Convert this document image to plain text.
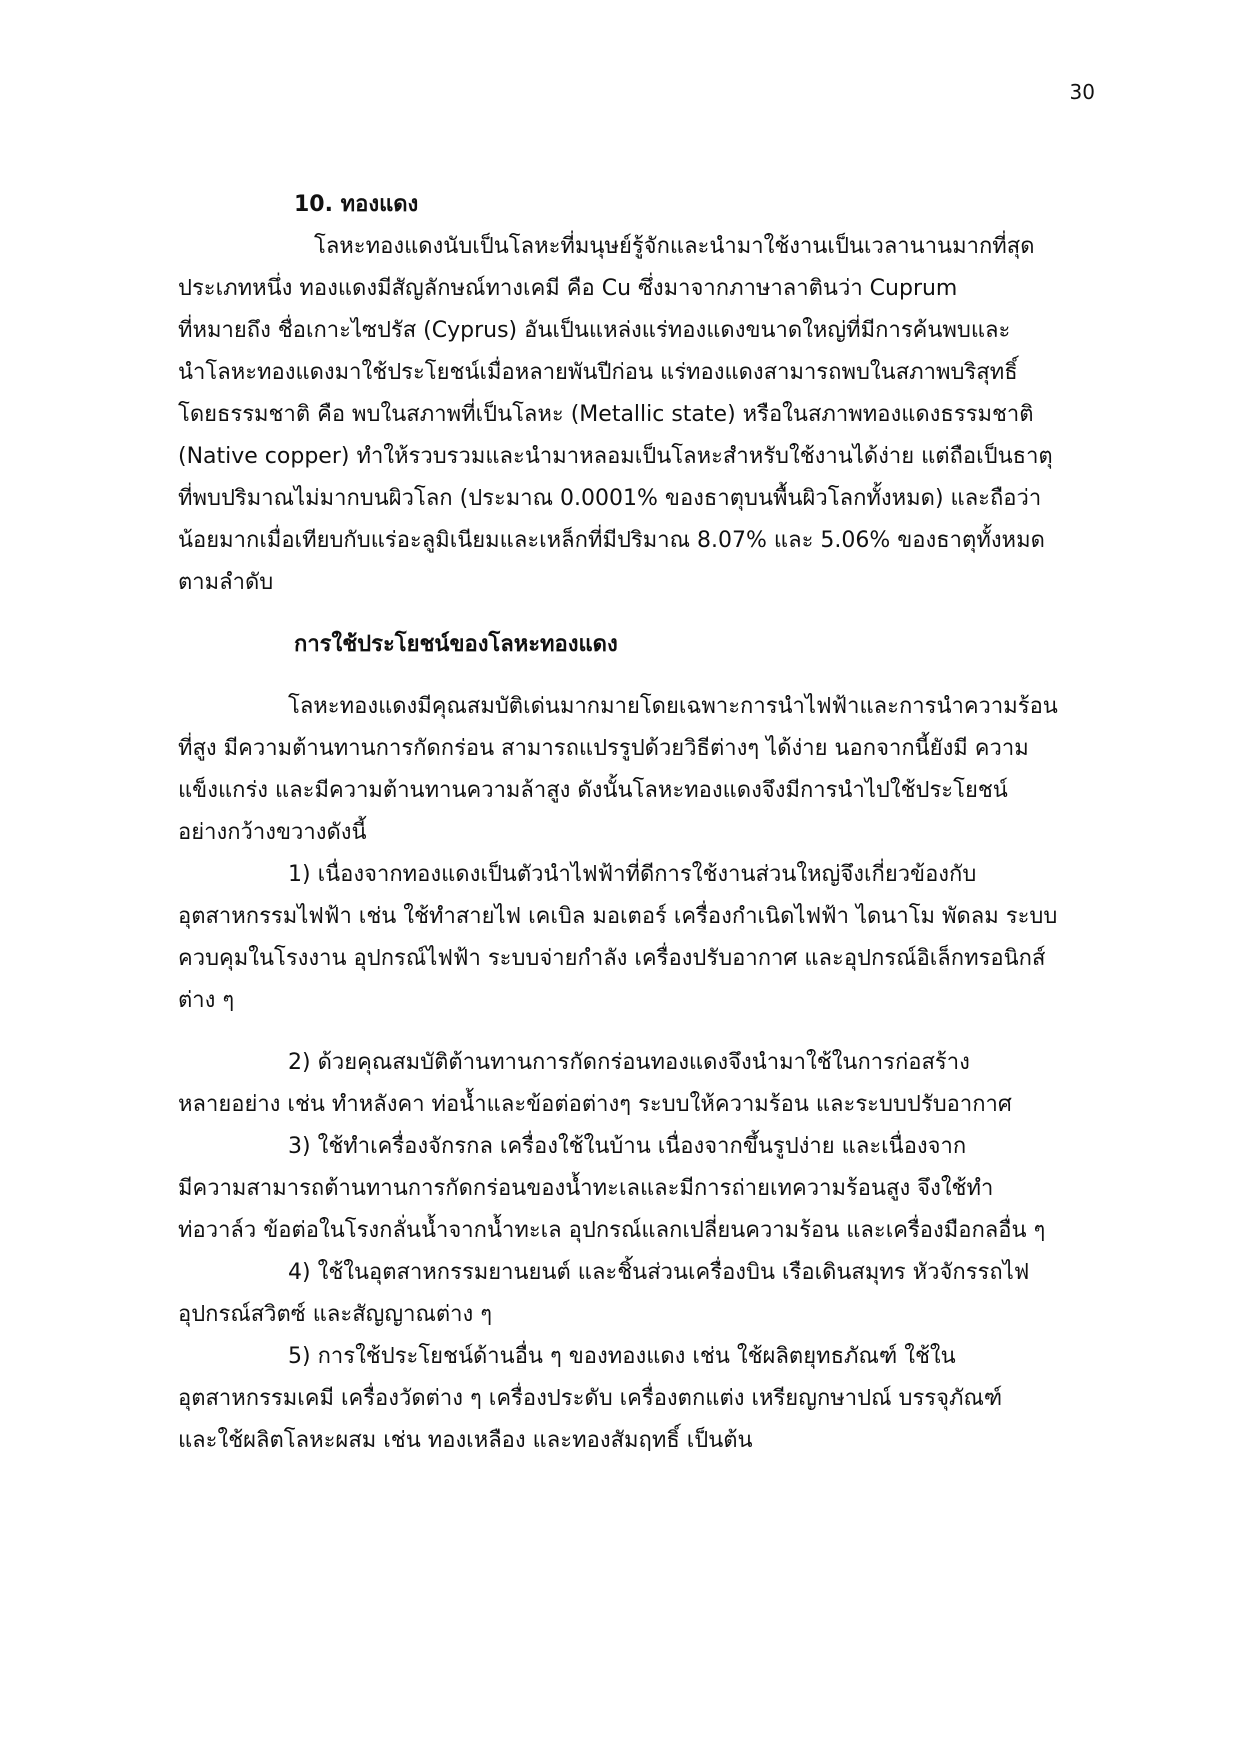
30
10. ทองแดง
โลหะทองแดงนับเป็นโลหะที่มนุษย์รู้จักและนำมาใช้งานเป็นเวลานานมากที่สุด
ประเภทหนึ่ง ทองแดงมีสัญลักษณ์ทางเคมี คือ Cu ซึ่งมาจากภาษาลาตินว่า Cuprum
ที่หมายถึง ชื่อเกาะไซปรัส (Cyprus) อันเป็นแหล่งแร่ทองแดงขนาดใหญ่ที่มีการค้นพบและ
นำโลหะทองแดงมาใช้ประโยชน์เมื่อหลายพันปีก่อน แร่ทองแดงสามารถพบในสภาพบริสุทธิ์
โดยธรรมชาติ คือ พบในสภาพที่เป็นโลหะ (Metallic state) หรือในสภาพทองแดงธรรมชาติ
(Native copper) ทำให้รวบรวมและนำมาหลอมเป็นโลหะสำหรับใช้งานได้ง่าย แต่ถือเป็นธาตุ
ที่พบปริมาณไม่มากบนผิวโลก (ประมาณ 0.0001% ของธาตุบนพื้นผิวโลกทั้งหมด) และถือว่า
น้อยมากเมื่อเทียบกับแร่อะลูมิเนียมและเหล็กที่มีปริมาณ 8.07% และ 5.06% ของธาตุทั้งหมด
ตามลำดับ
การใช้ประโยชน์ของโลหะทองแดง
โลหะทองแดงมีคุณสมบัติเด่นมากมายโดยเฉพาะการนำไฟฟ้าและการนำความร้อน
ที่สูง มีความต้านทานการกัดกร่อน สามารถแปรรูปด้วยวิธีต่างๆ ได้ง่าย นอกจากนี้ยังมี ความ
แข็งแกร่ง และมีความต้านทานความล้าสูง ดังนั้นโลหะทองแดงจึงมีการนำไปใช้ประโยชน์
อย่างกว้างขวางดังนี้
1) เนื่องจากทองแดงเป็นตัวนำไฟฟ้าที่ดีการใช้งานส่วนใหญ่จึงเกี่ยวข้องกับ
อุตสาหกรรมไฟฟ้า เช่น ใช้ทำสายไฟ เคเบิล มอเตอร์ เครื่องกำเนิดไฟฟ้า ไดนาโม พัดลม ระบบ
ควบคุมในโรงงาน อุปกรณ์ไฟฟ้า ระบบจ่ายกำลัง เครื่องปรับอากาศ และอุปกรณ์อิเล็กทรอนิกส์
ต่าง ๆ
2) ด้วยคุณสมบัติต้านทานการกัดกร่อนทองแดงจึงนำมาใช้ในการก่อสร้าง
หลายอย่าง เช่น ทำหลังคา ท่อน้ำและข้อต่อต่างๆ ระบบให้ความร้อน และระบบปรับอากาศ
3) ใช้ทำเครื่องจักรกล เครื่องใช้ในบ้าน เนื่องจากขึ้นรูปง่าย และเนื่องจาก
มีความสามารถต้านทานการกัดกร่อนของน้ำทะเลและมีการถ่ายเทความร้อนสูง จึงใช้ทำ
ท่อวาล์ว ข้อต่อในโรงกลั่นน้ำจากน้ำทะเล อุปกรณ์แลกเปลี่ยนความร้อน และเครื่องมือกลอื่น ๆ
4) ใช้ในอุตสาหกรรมยานยนต์ และชิ้นส่วนเครื่องบิน เรือเดินสมุทร หัวจักรรถไฟ
อุปกรณ์สวิตซ์ และสัญญาณต่าง ๆ
5) การใช้ประโยชน์ด้านอื่น ๆ ของทองแดง เช่น ใช้ผลิตยุทธภัณฑ์ ใช้ใน
อุตสาหกรรมเคมี เครื่องวัดต่าง ๆ เครื่องประดับ เครื่องตกแต่ง เหรียญกษาปณ์ บรรจุภัณฑ์
และใช้ผลิตโลหะผสม เช่น ทองเหลือง และทองสัมฤทธิ์ เป็นต้น
